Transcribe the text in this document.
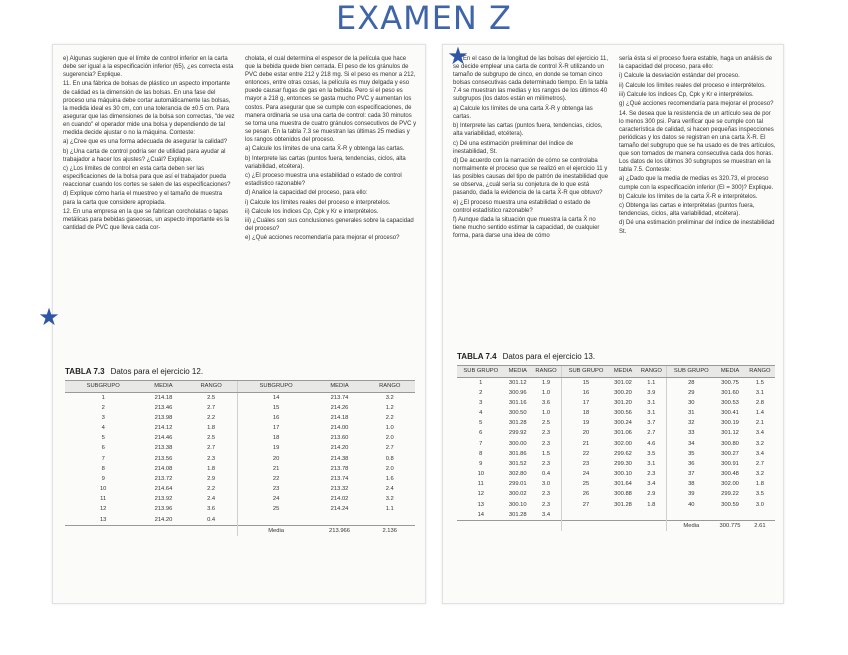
EXAMEN Z

e) Algunas sugieren que el límite de control inferior en la carta debe ser igual a la especificación inferior (65), ¿es correcta esta sugerencia? Explique.

11. En una fábrica de bolsas de plástico un aspecto importante de calidad es la dimensión de las bolsas. En una fase del proceso una máquina debe cortar automáticamente las bolsas, la medida ideal es 30 cm, con una tolerancia de ±0.5 cm. Para asegurar que las dimensiones de la bolsa son correctas, "de vez en cuando" el operador mide una bolsa y dependiendo de tal medida decide ajustar o no la máquina. Conteste:

a) ¿Cree que es una forma adecuada de asegurar la calidad?

b) ¿Una carta de control podría ser de utilidad para ayudar al trabajador a hacer los ajustes? ¿Cuál? Explique.

c) ¿Los límites de control en esta carta deben ser las especificaciones de la bolsa para que así el trabajador pueda reaccionar cuando los cortes se salen de las especificaciones?

d) Explique cómo haría el muestreo y el tamaño de muestra para la carta que considere apropiada.

12. En una empresa en la que se fabrican corcholatas o tapas metálicas para bebidas gaseosas, un aspecto importante es la cantidad de PVC que lleva cada cor-

cholata, el cual determina el espesor de la película que hace que la bebida quede bien cerrada. El peso de los gránulos de PVC debe estar entre 212 y 218 mg. Si el peso es menor a 212, entonces, entre otras cosas, la película es muy delgada y eso puede causar fugas de gas en la bebida. Pero si el peso es mayor a 218 g, entonces se gasta mucho PVC y aumentan los costos. Para asegurar que se cumple con especificaciones, de manera ordinaria se usa una carta de control: cada 30 minutos se toma una muestra de cuatro gránulos consecutivos de PVC y se pesan. En la tabla 7.3 se muestran las últimas 25 medias y los rangos obtenidos del proceso.

a) Calcule los límites de una carta X̄-R y obtenga las cartas.

b) Interprete las cartas (puntos fuera, tendencias, ciclos, alta variabilidad, etcétera).

c) ¿El proceso muestra una estabilidad o estado de control estadístico razonable?

d) Analice la capacidad del proceso, para ello:

i) Calcule los límites reales del proceso e interpretelos.

ii) Calcule los índices Cp, Cpk y Kr e interprételos.

iii) ¿Cuáles son sus conclusiones generales sobre la capacidad del proceso?

e) ¿Qué acciones recomendaría para mejorar el proceso?

TABLA 7.3 Datos para el ejercicio 12.
SUBGRUPO	MEDIA	RANGO	SUBGRUPO	MEDIA	RANGO
1	214.18	2.5	14	213.74	3.2
2	213.46	2.7	15	214.26	1.2
3	213.98	2.2	16	214.18	2.2
4	214.12	1.8	17	214.00	1.0
5	214.46	2.5	18	213.60	2.0
6	213.38	2.7	19	214.20	2.7
7	213.56	2.3	20	214.38	0.8
8	214.08	1.8	21	213.78	2.0
9	213.72	2.9	22	213.74	1.6
10	214.64	2.2	23	213.32	2.4
11	213.92	2.4	24	214.02	3.2
12	213.96	3.6	25	214.24	1.1
13	214.20	0.4			
			Media	213.966	2.136
★

13. En el caso de la longitud de las bolsas del ejercicio 11, se decide emplear una carta de control X̄-R utilizando un tamaño de subgrupo de cinco, en donde se toman cinco bolsas consecutivas cada determinado tiempo. En la tabla 7.4 se muestran las medias y los rangos de los últimos 40 subgrupos (los datos están en milímetros).

a) Calcule los límites de una carta X̄-R y obtenga las cartas.

b) Interprete las cartas (puntos fuera, tendencias, ciclos, alta variabilidad, etcétera).

c) Dé una estimación preliminar del índice de inestabilidad, St.

d) De acuerdo con la narración de cómo se controlaba normalmente el proceso que se realizó en el ejercicio 11 y las posibles causas del tipo de patrón de inestabilidad que se observa, ¿cuál sería su conjetura de lo que está pasando, dada la evidencia de la carta X̄-R que obtuvo?

e) ¿El proceso muestra una estabilidad o estado de control estadístico razonable?

f) Aunque dada la situación que muestra la carta X̄ no tiene mucho sentido estimar la capacidad, de cualquier forma, para darse una idea de cómo

sería ésta si el proceso fuera estable, haga un análisis de la capacidad del proceso, para ello:

i) Calcule la desviación estándar del proceso.

ii) Calcule los límites reales del proceso e interprételos.

iii) Calcule los índices Cp, Cpk y Kr e interprételos.

g) ¿Qué acciones recomendaría para mejorar el proceso?

14. Se desea que la resistencia de un artículo sea de por lo menos 300 psi. Para verificar que se cumple con tal característica de calidad, si hacen pequeñas inspecciones periódicas y los datos se registran en una carta X̄-R. El tamaño del subgrupo que se ha usado es de tres artículos, que son tomados de manera consecutiva cada dos horas. Los datos de los últimos 30 subgrupos se muestran en la tabla 7.5. Conteste:

a) ¿Dado que la media de medias es 320.73, el proceso cumple con la especificación inferior (EI = 300)? Explique.

b) Calcule los límites de la carta X̄-R e interprételos.

c) Obtenga las cartas e interprételas (puntos fuera, tendencias, ciclos, alta variabilidad, etcétera).

d) Dé una estimación preliminar del índice de inestabilidad St.

TABLA 7.4 Datos para el ejercicio 13.
SUB GRUPO	MEDIA	RANGO	SUB GRUPO	MEDIA	RANGO	SUB GRUPO	MEDIA	RANGO
1	301.12	1.9	15	301.02	1.1	28	300.75	1.5
2	300.96	1.0	16	300.20	3.9	29	301.60	3.1
3	301.16	3.6	17	301.20	3.1	30	300.53	2.8
4	300.50	1.0	18	300.56	3.1	31	300.41	1.4
5	301.28	2.5	19	300.24	3.7	32	300.19	2.1
6	299.92	2.3	20	301.06	2.7	33	301.12	3.4
7	300.00	2.3	21	302.00	4.6	34	300.80	3.2
8	301.86	1.5	22	299.62	3.5	35	300.27	3.4
9	301.52	2.3	23	299.30	3.1	36	300.91	2.7
10	302.80	0.4	24	300.10	2.3	37	300.48	3.2
11	299.01	3.0	25	301.64	3.4	38	302.00	1.8
12	300.02	2.3	26	300.88	2.9	39	299.22	3.5
13	300.10	2.3	27	301.28	1.8	40	300.59	3.0
14	301.28	3.4						
						Media	300.775	2.61
★
